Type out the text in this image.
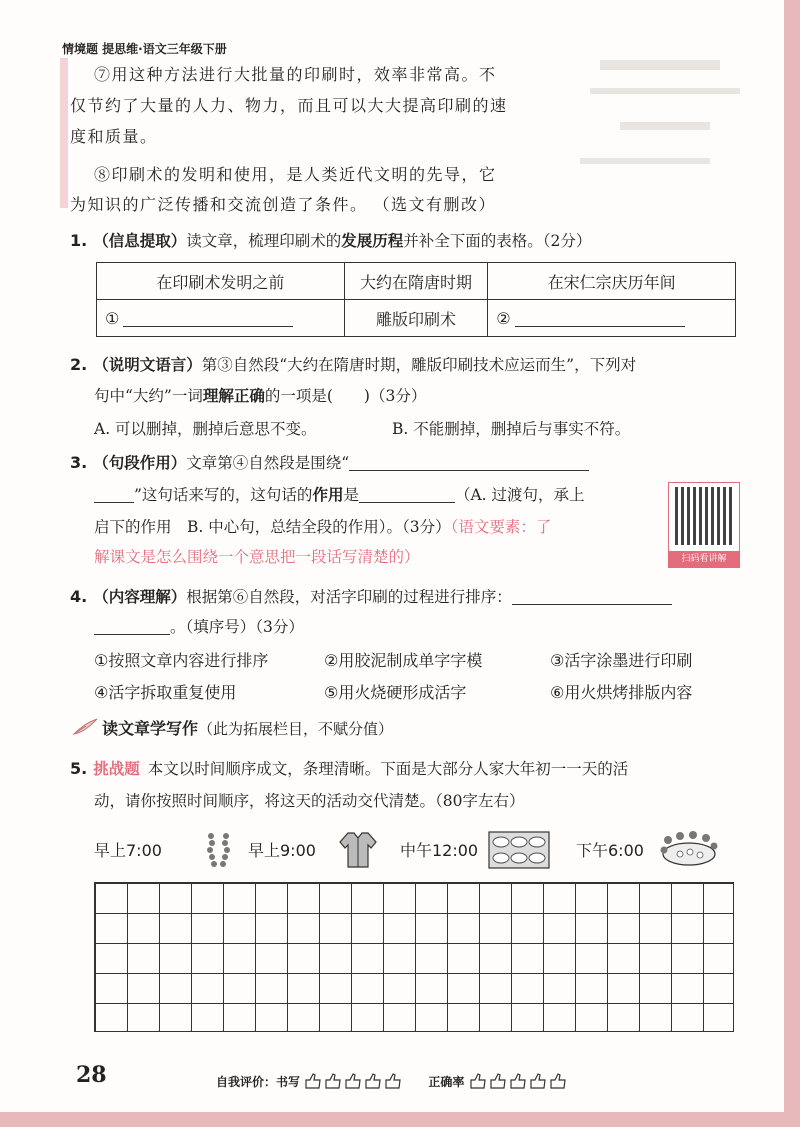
情境题 提思维·语文三年级下册
⑦用这种方法进行大批量的印刷时，效率非常高。不
仅节约了大量的人力、物力，而且可以大大提高印刷的速
度和质量。
⑧印刷术的发明和使用，是人类近代文明的先导，它
为知识的广泛传播和交流创造了条件。 （选文有删改）
1. （信息提取）读文章，梳理印刷术的发展历程并补全下面的表格。（2分）
在印刷术发明之前	大约在隋唐时期	在宋仁宗庆历年间
①	雕版印刷术	②
2. （说明文语言）第③自然段“大约在隋唐时期，雕版印刷技术应运而生”，下列对
句中“大约”一词理解正确的一项是(　　)（3分）
A. 可以删掉，删掉后意思不变。	B. 不能删掉，删掉后与事实不符。
3. （句段作用）文章第④自然段是围绕“
”这句话来写的，这句话的作用是	（A. 过渡句，承上
启下的作用　B. 中心句，总结全段的作用）。（3分）（语文要素：了
解课文是怎么围绕一个意思把一段话写清楚的）	扫码看讲解
4. （内容理解）根据第⑥自然段，对活字印刷的过程进行排序：
。（填序号）（3分）
①按照文章内容进行排序	②用胶泥制成单字字模	③活字涂墨进行印刷
④活字拆取重复使用	⑤用火烧硬形成活字	⑥用火烘烤排版内容
读文章学写作（此为拓展栏目，不赋分值）
5. 挑战题 本文以时间顺序成文，条理清晰。下面是大部分人家大年初一一天的活
动，请你按照时间顺序，将这天的活动交代清楚。（80字左右）
早上7:00	早上9:00	中午12:00	下午6:00
28	自我评价：书写	正确率
